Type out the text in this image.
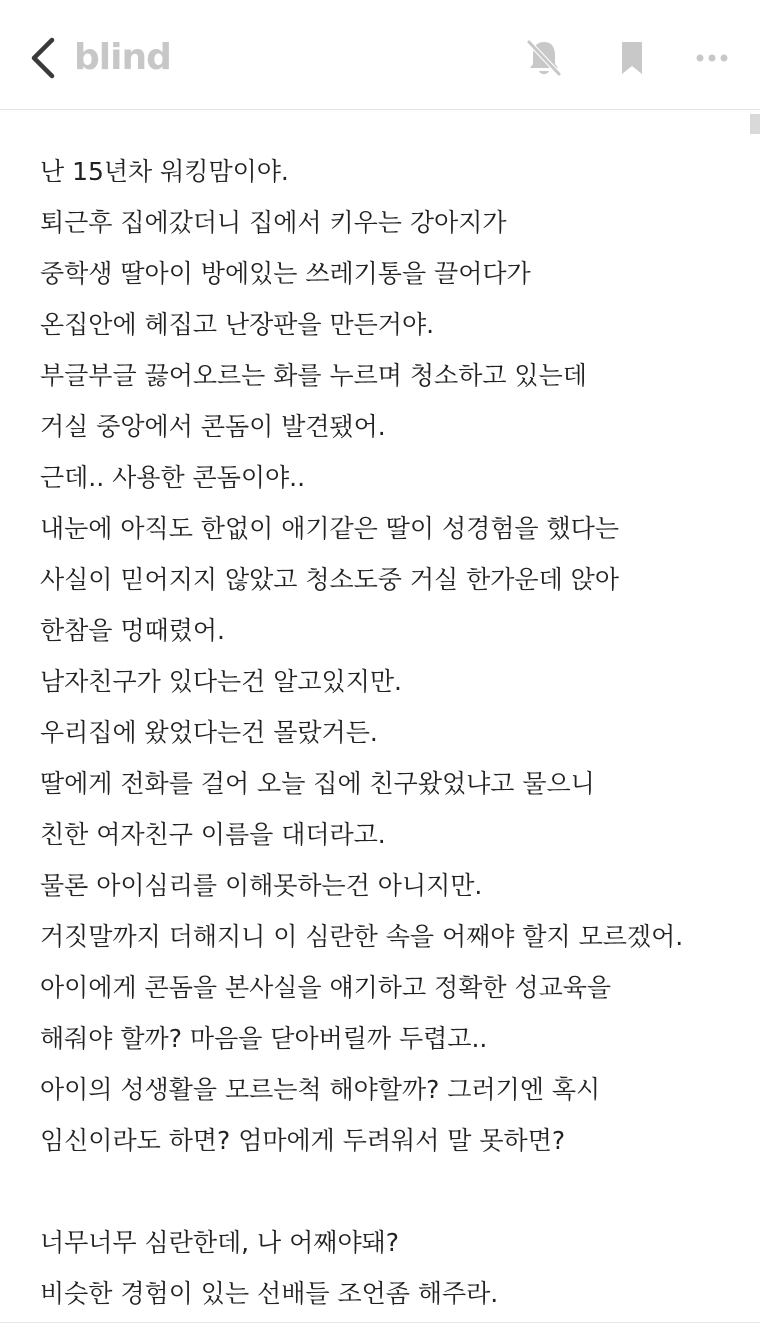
blind
난 15년차 워킹맘이야.
퇴근후 집에갔더니 집에서 키우는 강아지가
중학생 딸아이 방에있는 쓰레기통을 끌어다가
온집안에 헤집고 난장판을 만든거야.
부글부글 끓어오르는 화를 누르며 청소하고 있는데
거실 중앙에서 콘돔이 발견됐어.
근데.. 사용한 콘돔이야..
내눈에 아직도 한없이 애기같은 딸이 성경험을 했다는
사실이 믿어지지 않았고 청소도중 거실 한가운데 앉아
한참을 멍때렸어.
남자친구가 있다는건 알고있지만.
우리집에 왔었다는건 몰랐거든.
딸에게 전화를 걸어 오늘 집에 친구왔었냐고 물으니
친한 여자친구 이름을 대더라고.
물론 아이심리를 이해못하는건 아니지만.
거짓말까지 더해지니 이 심란한 속을 어째야 할지 모르겠어.
아이에게 콘돔을 본사실을 얘기하고 정확한 성교육을
해줘야 할까? 마음을 닫아버릴까 두렵고..
아이의 성생활을 모르는척 해야할까? 그러기엔 혹시
임신이라도 하면? 엄마에게 두려워서 말 못하면?
너무너무 심란한데, 나 어째야돼?
비슷한 경험이 있는 선배들 조언좀 해주라.
